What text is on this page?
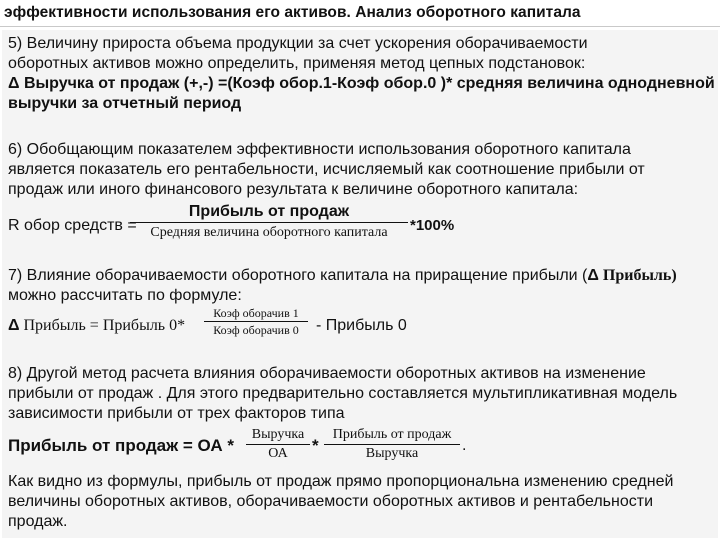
эффективности использования его активов. Анализ оборотного капитала
5) Величину прироста объема продукции за счет ускорения оборачиваемости
оборотных активов можно определить, применяя метод цепных подстановок:
Δ Выручка от продаж (+,-) =(Коэф обор.1-Коэф обор.0 )* средняя величина однодневной
выручки за отчетный период
6) Обобщающим показателем эффективности использования оборотного капитала
является показатель его рентабельности, исчисляемый как соотношение прибыли от
продаж или иного финансового результата к величине оборотного капитала:
R обор средств =
Прибыль от продаж
Средняя величина оборотного капитала	*100%
7) Влияние оборачиваемости оборотного капитала на приращение прибыли (Δ Прибыль)
можно рассчитать по формуле:
Δ Прибыль = Прибыль 0*
Коэф оборачив 1
Коэф оборачив 0	- Прибыль 0
8) Другой метод расчета влияния оборачиваемости оборотных активов на изменение
прибыли от продаж . Для этого предварительно составляется мультипликативная модель
зависимости прибыли от трех факторов типа
Прибыль от продаж = ОА *
Выручка
ОА	*
Прибыль от продаж
Выручка	.
Как видно из формулы, прибыль от продаж прямо пропорциональна изменению средней
величины оборотных активов, оборачиваемости оборотных активов и рентабельности
продаж.
